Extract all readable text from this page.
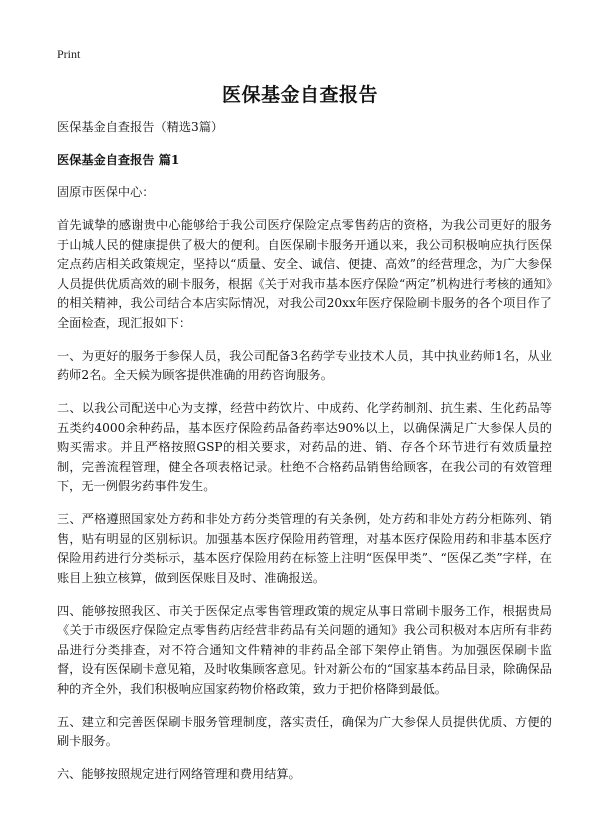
Print
医保基金自查报告

医保基金自查报告（精选3篇）

医保基金自查报告 篇1

固原市医保中心：

首先诚挚的感谢贵中心能够给于我公司医疗保险定点零售药店的资格，为我公司更好的服务于山城人民的健康提供了极大的便利。自医保刷卡服务开通以来，我公司积极响应执行医保定点药店相关政策规定，坚持以“质量、安全、诚信、便捷、高效”的经营理念，为广大参保人员提供优质高效的刷卡服务，根据《关于对我市基本医疗保险“两定”机构进行考核的通知》的相关精神，我公司结合本店实际情况，对我公司20xx年医疗保险刷卡服务的各个项目作了全面检查，现汇报如下：

一、为更好的服务于参保人员，我公司配备3名药学专业技术人员，其中执业药师1名，从业药师2名。全天候为顾客提供准确的用药咨询服务。

二、以我公司配送中心为支撑，经营中药饮片、中成药、化学药制剂、抗生素、生化药品等五类约4000余种药品，基本医疗保险药品备药率达90%以上，以确保满足广大参保人员的购买需求。并且严格按照GSP的相关要求，对药品的进、销、存各个环节进行有效质量控制，完善流程管理，健全各项表格记录。杜绝不合格药品销售给顾客，在我公司的有效管理下，无一例假劣药事件发生。

三、严格遵照国家处方药和非处方药分类管理的有关条例，处方药和非处方药分柜陈列、销售，贴有明显的区别标识。加强基本医疗保险用药管理，对基本医疗保险用药和非基本医疗保险用药进行分类标示，基本医疗保险用药在标签上注明“医保甲类”、“医保乙类”字样，在账目上独立核算，做到医保账目及时、准确报送。

四、能够按照我区、市关于医保定点零售管理政策的规定从事日常刷卡服务工作，根据贵局《关于市级医疗保险定点零售药店经营非药品有关问题的通知》我公司积极对本店所有非药品进行分类排查，对不符合通知文件精神的非药品全部下架停止销售。为加强医保刷卡监督，设有医保刷卡意见箱，及时收集顾客意见。针对新公布的“国家基本药品目录，除确保品种的齐全外，我们积极响应国家药物价格政策，致力于把价格降到最低。

五、建立和完善医保刷卡服务管理制度，落实责任，确保为广大参保人员提供优质、方便的刷卡服务。

六、能够按照规定进行网络管理和费用结算。
